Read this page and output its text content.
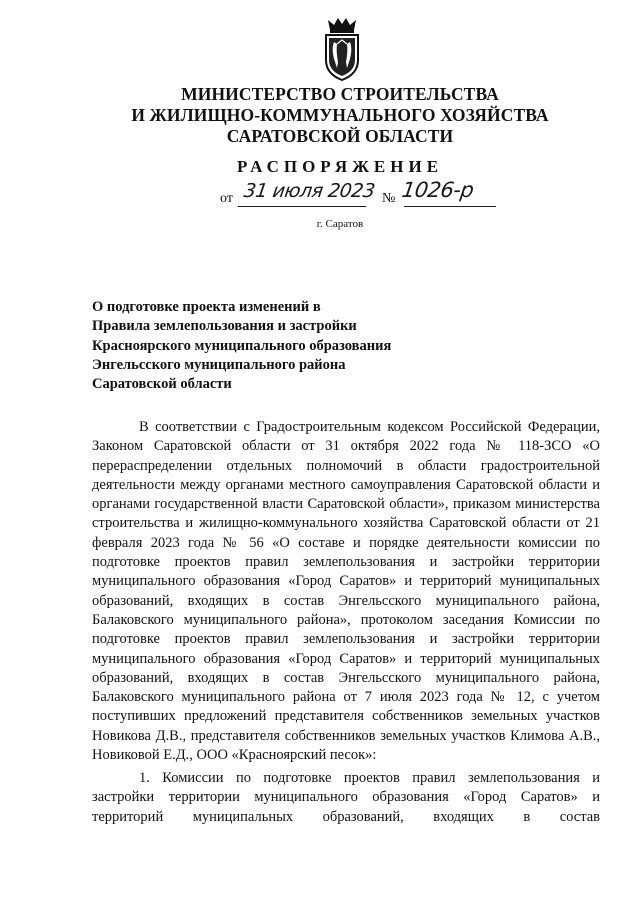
МИНИСТЕРСТВО СТРОИТЕЛЬСТВА
И ЖИЛИЩНО-КОММУНАЛЬНОГО ХОЗЯЙСТВА
САРАТОВСКОЙ ОБЛАСТИ
РАСПОРЯЖЕНИЕ
от 31 июля 2023 № 1026-р
г. Саратов
О подготовке проекта изменений в
Правила землепользования и застройки
Красноярского муниципального образования
Энгельсского муниципального района
Саратовской области
В соответствии с Градостроительным кодексом Российской Федерации, Законом Саратовской области от 31 октября 2022 года № 118-ЗСО «О перераспределении отдельных полномочий в области градостроительной деятельности между органами местного самоуправления Саратовской области и органами государственной власти Саратовской области», приказом министерства строительства и жилищно-коммунального хозяйства Саратовской области от 21 февраля 2023 года № 56 «О составе и порядке деятельности комиссии по подготовке проектов правил землепользования и застройки территории муниципального образования «Город Саратов» и территорий муниципальных образований, входящих в состав Энгельсского муниципального района, Балаковского муниципального района», протоколом заседания Комиссии по подготовке проектов правил землепользования и застройки территории муниципального образования «Город Саратов» и территорий муниципальных образований, входящих в состав Энгельсского муниципального района, Балаковского муниципального района от 7 июля 2023 года № 12, с учетом поступивших предложений представителя собственников земельных участков Новикова Д.В., представителя собственников земельных участков Климова А.В., Новиковой Е.Д., ООО «Красноярский песок»:
1. Комиссии по подготовке проектов правил землепользования и застройки территории муниципального образования «Город Саратов» и территорий муниципальных образований, входящих в состав
